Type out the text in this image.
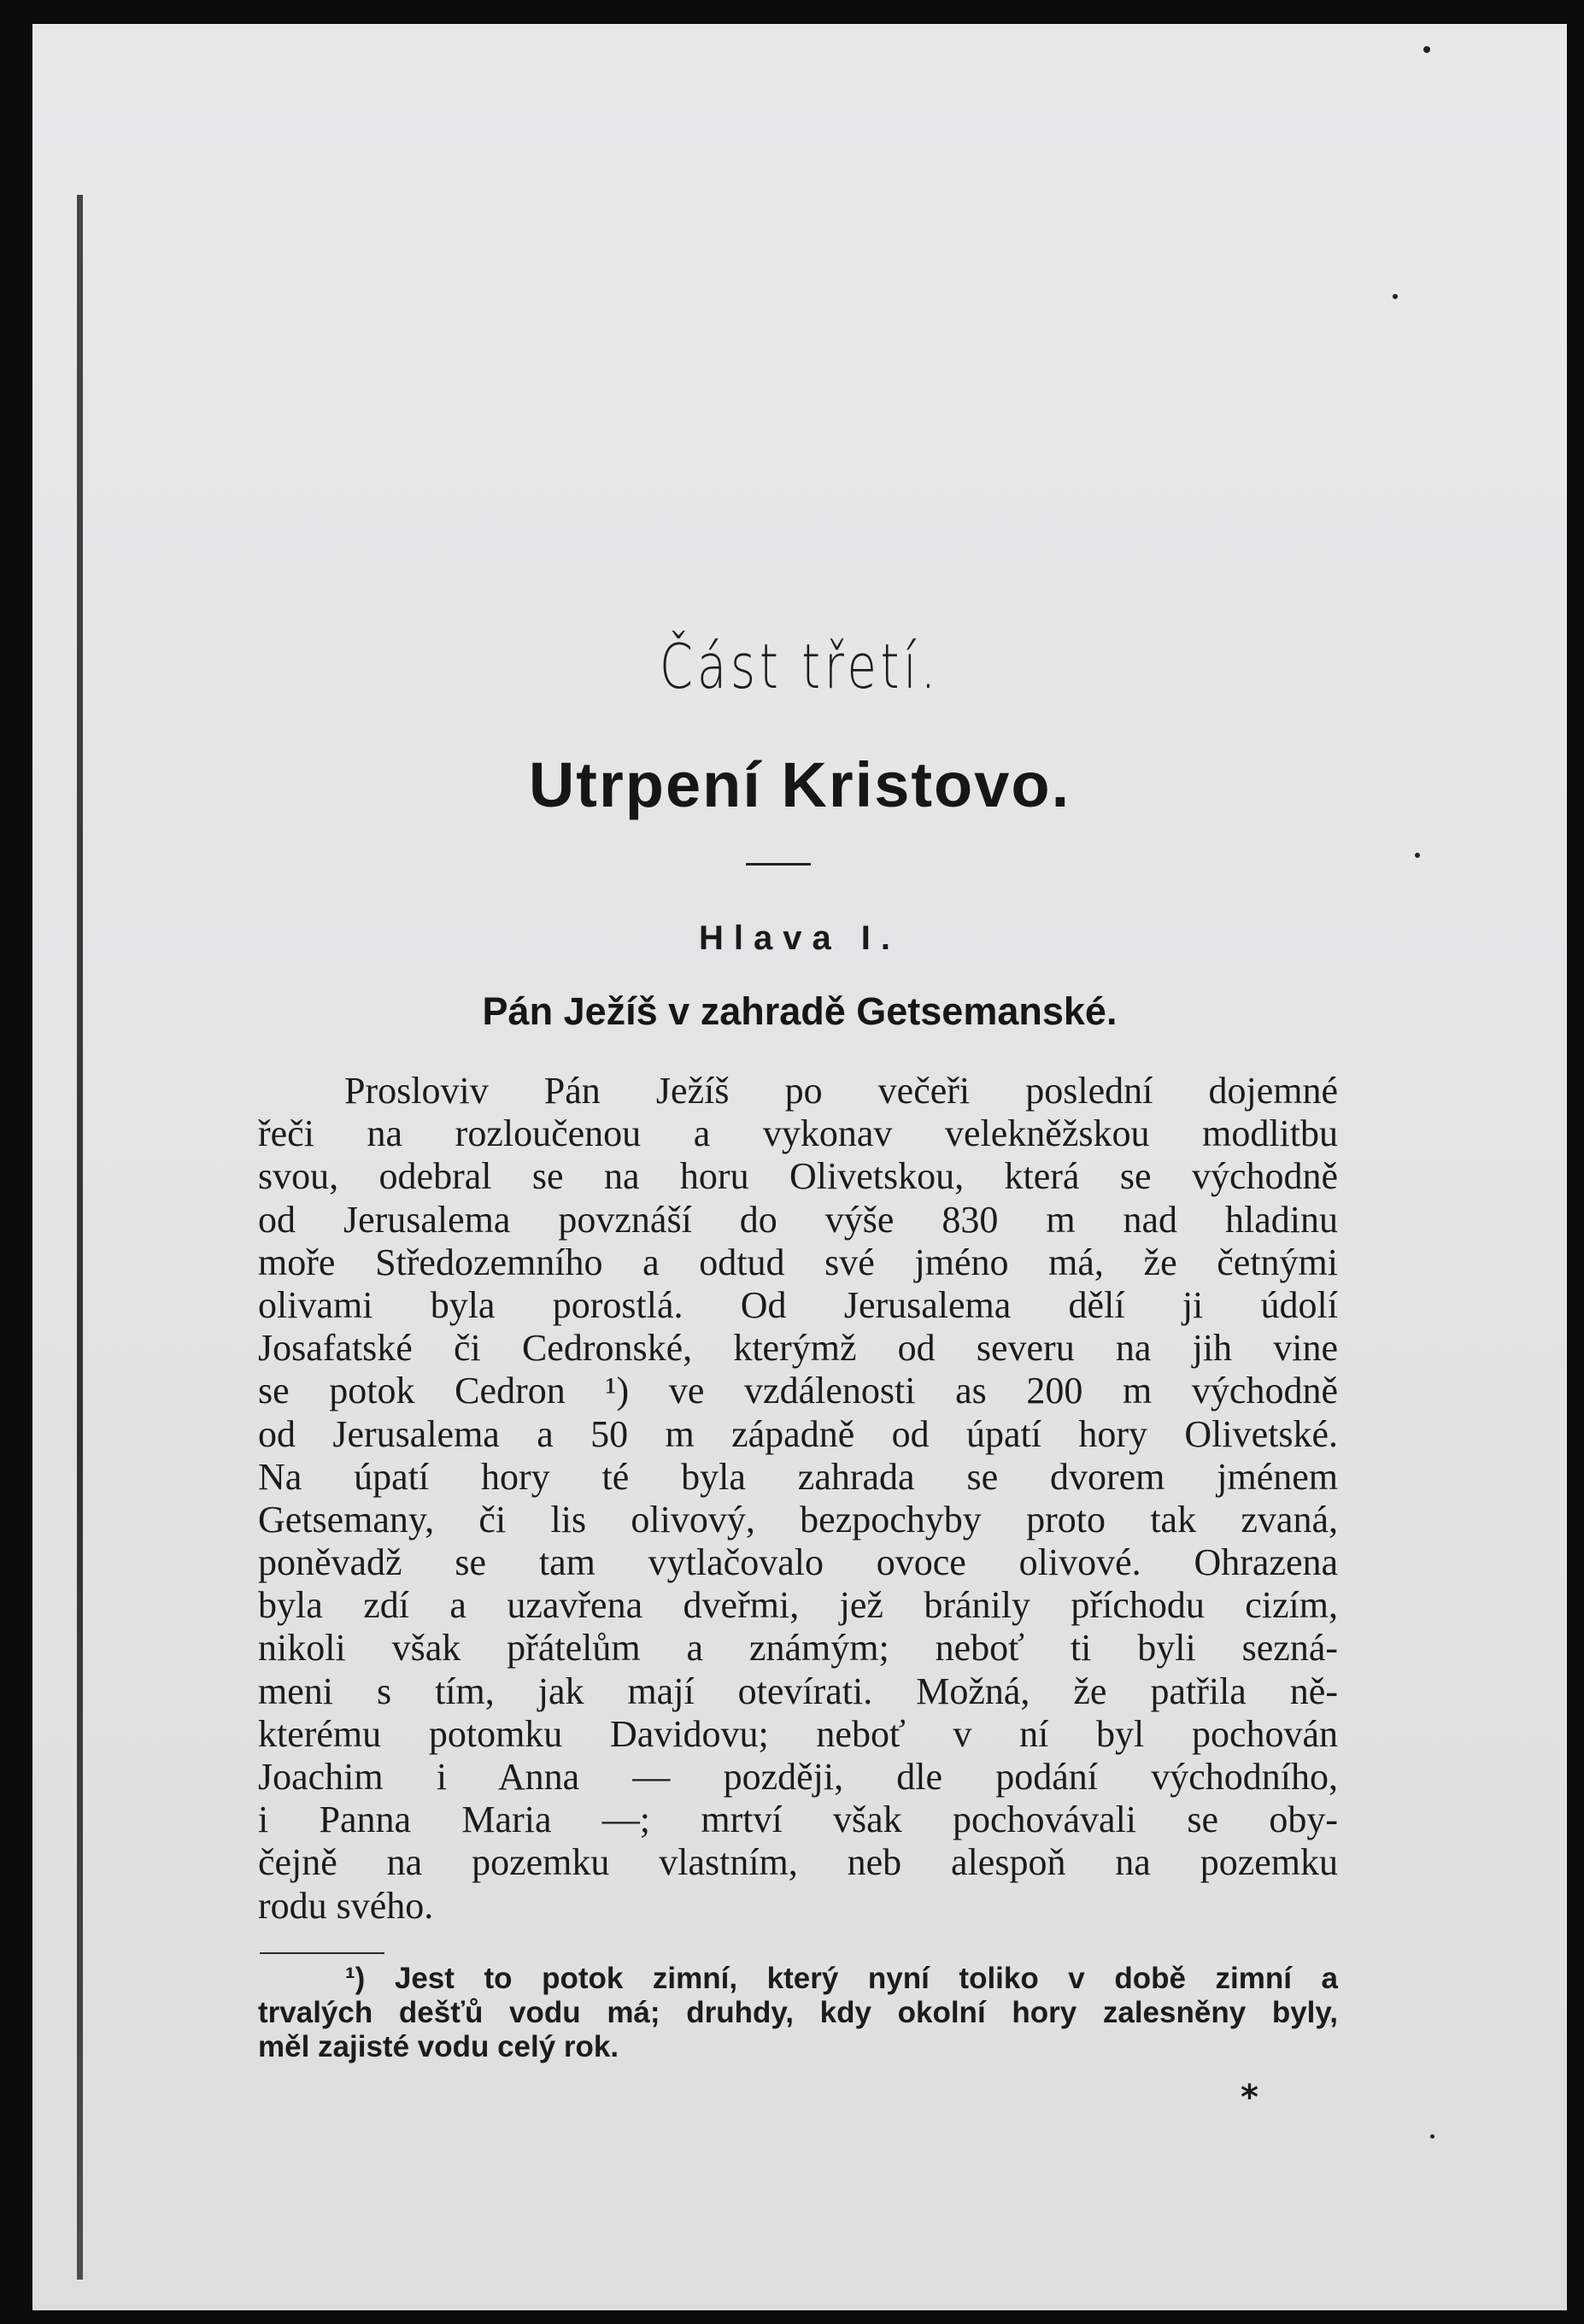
Část třetí.
Utrpení Kristovo.
Hlava I.
Pán Ježíš v zahradě Getsemanské.
Prosloviv Pán Ježíš po večeři poslední dojemné
řeči na rozloučenou a vykonav velekněžskou modlitbu
svou, odebral se na horu Olivetskou, která se východně
od Jerusalema povznáší do výše 830 m nad hladinu
moře Středozemního a odtud své jméno má, že četnými
olivami byla porostlá. Od Jerusalema dělí ji údolí
Josafatské či Cedronské, kterýmž od severu na jih vine
se potok Cedron ¹) ve vzdálenosti as 200 m východně
od Jerusalema a 50 m západně od úpatí hory Olivetské.
Na úpatí hory té byla zahrada se dvorem jménem
Getsemany, či lis olivový, bezpochyby proto tak zvaná,
poněvadž se tam vytlačovalo ovoce olivové. Ohrazena
byla zdí a uzavřena dveřmi, jež bránily příchodu cizím,
nikoli však přátelům a známým; neboť ti byli sezná-
meni s tím, jak mají otevírati. Možná, že patřila ně-
kterému potomku Davidovu; neboť v ní byl pochován
Joachim i Anna — později, dle podání východního,
i Panna Maria —; mrtví však pochovávali se oby-
čejně na pozemku vlastním, neb alespoň na pozemku
rodu svého.
¹) Jest to potok zimní, který nyní toliko v době zimní a
trvalých dešťů vodu má; druhdy, kdy okolní hory zalesněny byly,
měl zajisté vodu celý rok.
*
